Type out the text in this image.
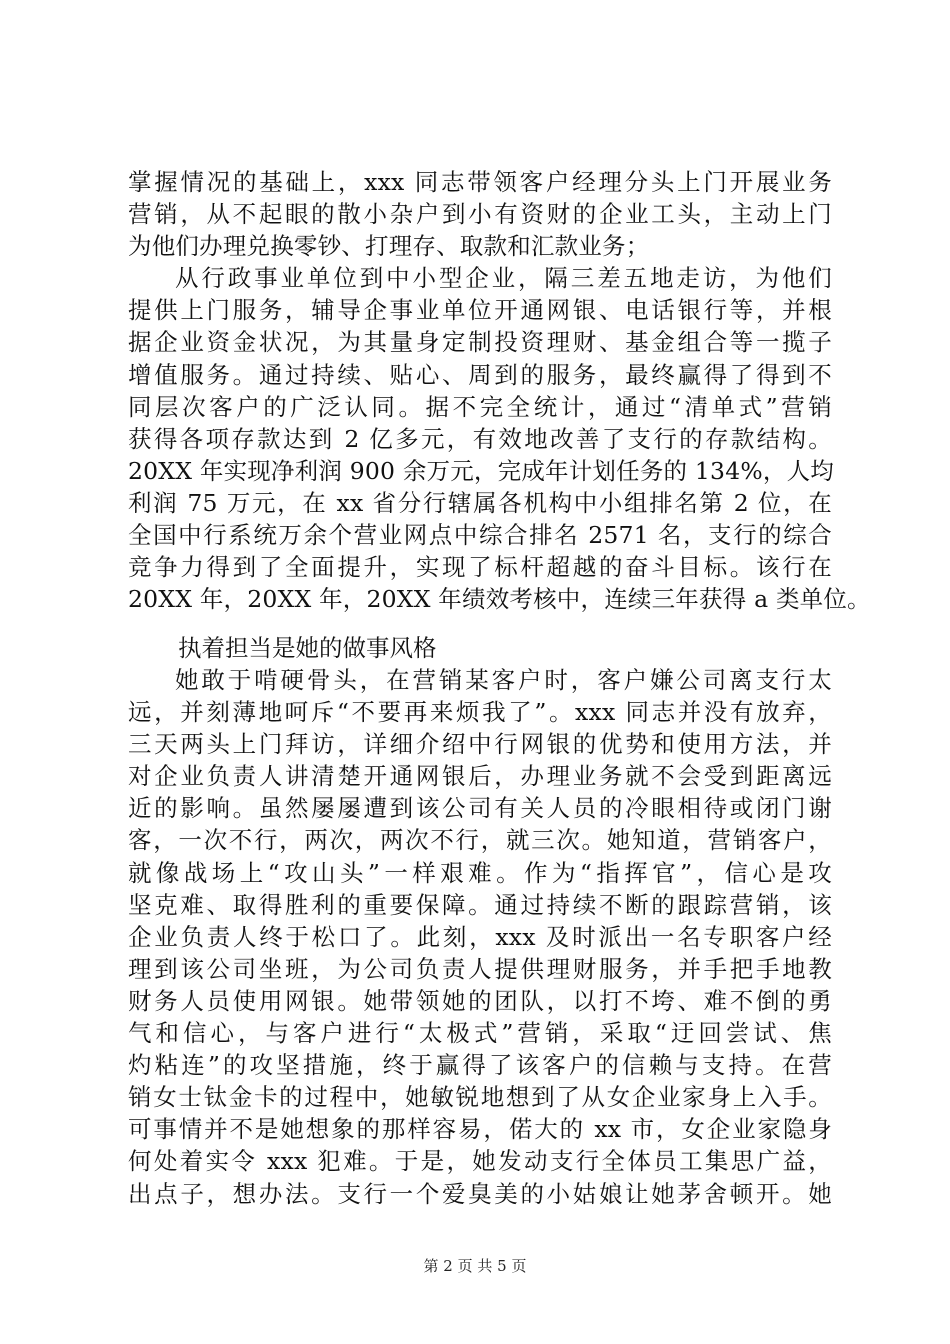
掌握情况的基础上，xxx 同志带领客户经理分头上门开展业务
营销，从不起眼的散小杂户到小有资财的企业工头，主动上门
为他们办理兑换零钞、打理存、取款和汇款业务；
从行政事业单位到中小型企业，隔三差五地走访，为他们
提供上门服务，辅导企事业单位开通网银、电话银行等，并根
据企业资金状况，为其量身定制投资理财、基金组合等一揽子
增值服务。通过持续、贴心、周到的服务，最终赢得了得到不
同层次客户的广泛认同。据不完全统计，通过“清单式”营销
获得各项存款达到 2 亿多元，有效地改善了支行的存款结构。
20XX 年实现净利润 900 余万元，完成年计划任务的 134%，人均
利润 75 万元，在 xx 省分行辖属各机构中小组排名第 2 位，在
全国中行系统万余个营业网点中综合排名 2571 名，支行的综合
竞争力得到了全面提升，实现了标杆超越的奋斗目标。该行在
20XX 年，20XX 年，20XX 年绩效考核中，连续三年获得 a 类单位。
执着担当是她的做事风格
她敢于啃硬骨头，在营销某客户时，客户嫌公司离支行太
远，并刻薄地呵斥“不要再来烦我了”。xxx 同志并没有放弃，
三天两头上门拜访，详细介绍中行网银的优势和使用方法，并
对企业负责人讲清楚开通网银后，办理业务就不会受到距离远
近的影响。虽然屡屡遭到该公司有关人员的冷眼相待或闭门谢
客，一次不行，两次，两次不行，就三次。她知道，营销客户，
就像战场上“攻山头”一样艰难。作为“指挥官”，信心是攻
坚克难、取得胜利的重要保障。通过持续不断的跟踪营销，该
企业负责人终于松口了。此刻，xxx 及时派出一名专职客户经
理到该公司坐班，为公司负责人提供理财服务，并手把手地教
财务人员使用网银。她带领她的团队，以打不垮、难不倒的勇
气和信心，与客户进行“太极式”营销，采取“迂回尝试、焦
灼粘连”的攻坚措施，终于赢得了该客户的信赖与支持。在营
销女士钛金卡的过程中，她敏锐地想到了从女企业家身上入手。
可事情并不是她想象的那样容易，偌大的 xx 市，女企业家隐身
何处着实令 xxx 犯难。于是，她发动支行全体员工集思广益，
出点子，想办法。支行一个爱臭美的小姑娘让她茅舍顿开。她
第 2 页 共 5 页
